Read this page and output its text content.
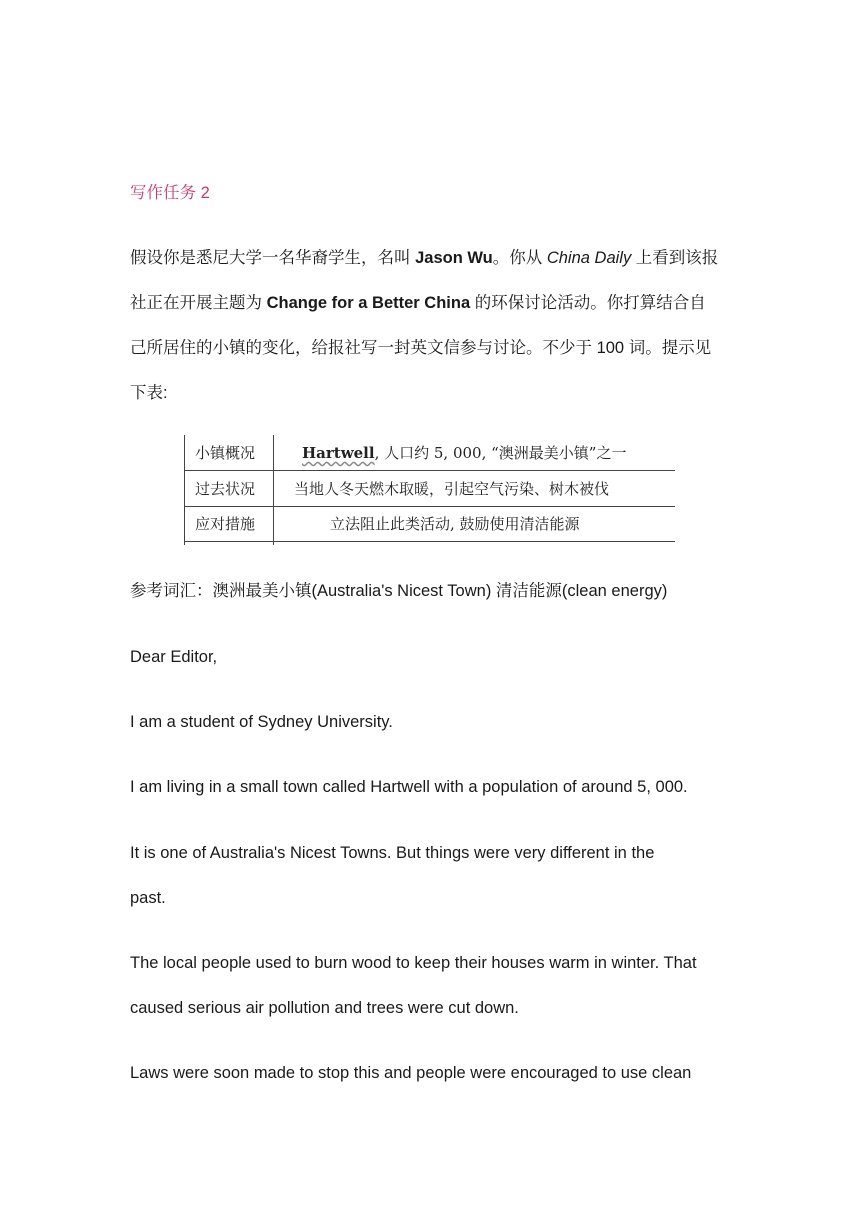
写作任务 2
假设你是悉尼大学一名华裔学生，名叫 Jason Wu。你从 China Daily 上看到该报
社正在开展主题为 Change for a Better China 的环保讨论活动。你打算结合自
己所居住的小镇的变化，给报社写一封英文信参与讨论。不少于 100 词。提示见
下表:
小镇概况	Hartwell, 人口约 5, 000, “澳洲最美小镇”之一
过去状况	当地人冬天燃木取暖，引起空气污染、树木被伐
应对措施	立法阻止此类活动, 鼓励使用清洁能源
参考词汇：澳洲最美小镇(Australia's Nicest Town) 清洁能源(clean energy)
Dear Editor,
I am a student of Sydney University.
I am living in a small town called Hartwell with a population of around 5, 000.
It is one of Australia's Nicest Towns. But things were very different in the
past.
The local people used to burn wood to keep their houses warm in winter. That
caused serious air pollution and trees were cut down.
Laws were soon made to stop this and people were encouraged to use clean
